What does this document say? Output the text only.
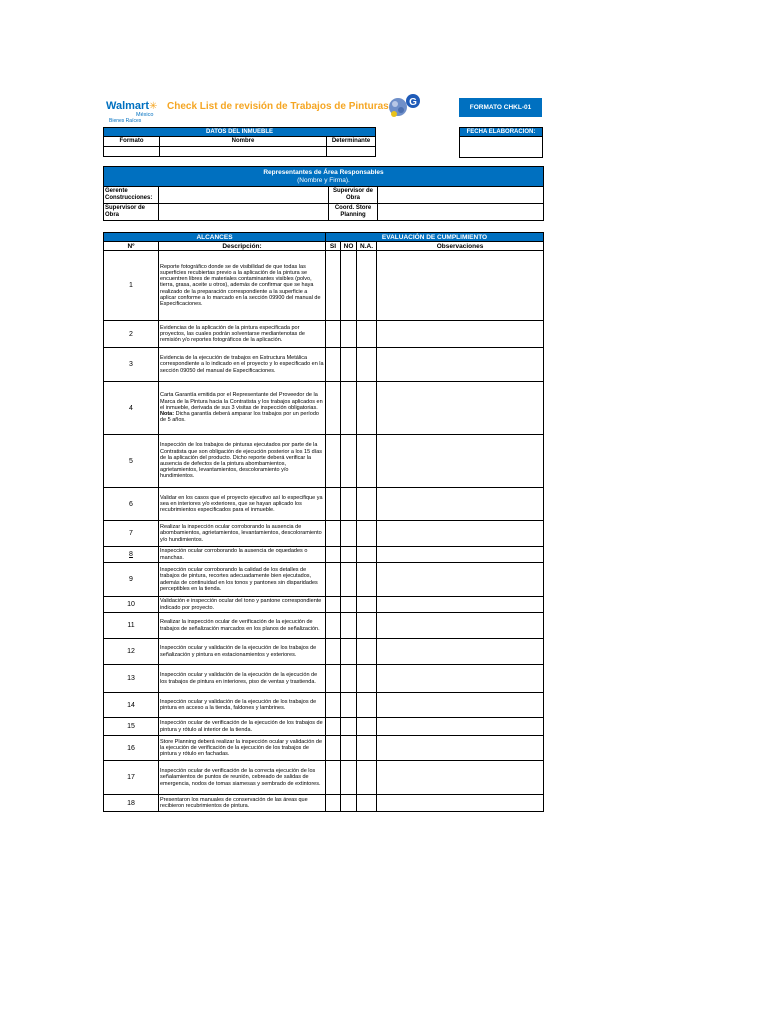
Walmart✳
México
Bienes Raíces
Check List de revisión de Trabajos de Pinturas G	FORMATO CHKL-01
DATOS DEL INMUEBLE		
Formato	Nombre	Determinante

FECHA ELABORACIÓN:

Representantes de Área Responsables
(Nombre y Firma).			

Gerente Construcciones:		Supervisor de Obra	
Supervisor de Obra		Coord. Store Planning	
ALCANCES		EVALUACIÓN DE CUMPLIMIENTO			
Nº	Descripción:	SI	NO	N.A.	Observaciones
1	Reporte fotográfico donde se de visibilidad de que todas las superficies recubiertas previo a la aplicación de la pintura se encuentren libres de materiales contaminantes visibles (polvo, tierra, grasa, aceite u otros), además de confirmar que se haya realizado de la preparación correspondiente a la superficie a aplicar conforme a lo marcado en la sección 09900 del manual de Especificaciones.				
2	Evidencias de la aplicación de la pintura especificada por proyectos, las cuales podrán solventarse mediantenotas de remisión y/o reportes fotográficos de la aplicación.				
3	Evidencia de la ejecución de trabajos en Estructura Metálica correspondiente a lo indicado en el proyecto y lo especificado en la sección 09050 del manual de Especificaciones.				
4	Carta Garantía emitida por el Representante del Proveedor de la Marca de la Pintura hacia la Contratista y los trabajos aplicados en el inmueble, derivada de sus 3 visitas de inspección obligatorias.
Nota: Dicha garantía deberá amparar los trabajos por un período de 5 años.				
5	Inspección de los trabajos de pinturas ejecutados por parte de la Contratista que son obligación de ejecución posterior a los 15 días de la aplicación del producto. Dicho reporte deberá verificar la ausencia de defectos de la pintura abombamientos, agrietamientos, levantamientos, descoloramiento y/o hundimientos.				
6	Validar en los casos que el proyecto ejecutivo así lo especifique ya sea en interiores y/o exteriores, que se hayan aplicado los recubrimientos especificados para el inmueble.				
7	Realizar la inspección ocular corroborando la ausencia de abombamientos, agrietamientos, levantamientos, descoloramiento y/o hundimientos.				
8	Inspección ocular corroborando la ausencia de oquedades o manchas.				
9	Inspección ocular corroborando la calidad de los detalles de trabajos de pintura, recortes adecuadamente bien ejecutados, además de continuidad en los tonos y pantones sin disparidades perceptibles en la tienda.				
10	Validación e inspección ocular del tono y pantone correspondiente indicado por proyecto.				
11	Realizar la inspección ocular de verificación de la ejecución de trabajos de señalización marcados en los planos de señalización.				
12	Inspección ocular y validación de la ejecución de los trabajos de señalización y pintura en estacionamientos y exteriores.				
13	Inspección ocular y validación de la ejecución de la ejecución de los trabajos de pintura en interiores, piso de ventas y trastienda.				
14	Inspección ocular y validación de la ejecución de los trabajos de pintura en acceso a la tienda, faldones y lambrines.				
15	Inspección ocular de verificación de la ejecución de los trabajos de pintura y rótulo al interior de la tienda.				
16	Store Planning deberá realizar la inspección ocular y validación de la ejecución de verificación de la ejecución de los trabajos de pintura y rótulo en fachadas.				
17	Inspección ocular de verificación de la correcta ejecución de los señalamientos de puntos de reunión, cebreado de salidas de emergencia, nodos de tomas siamesas y sembrado de extintores.				
18	Presentaron los manuales de conservación de las áreas que recibieron recubrimientos de pintura.				
